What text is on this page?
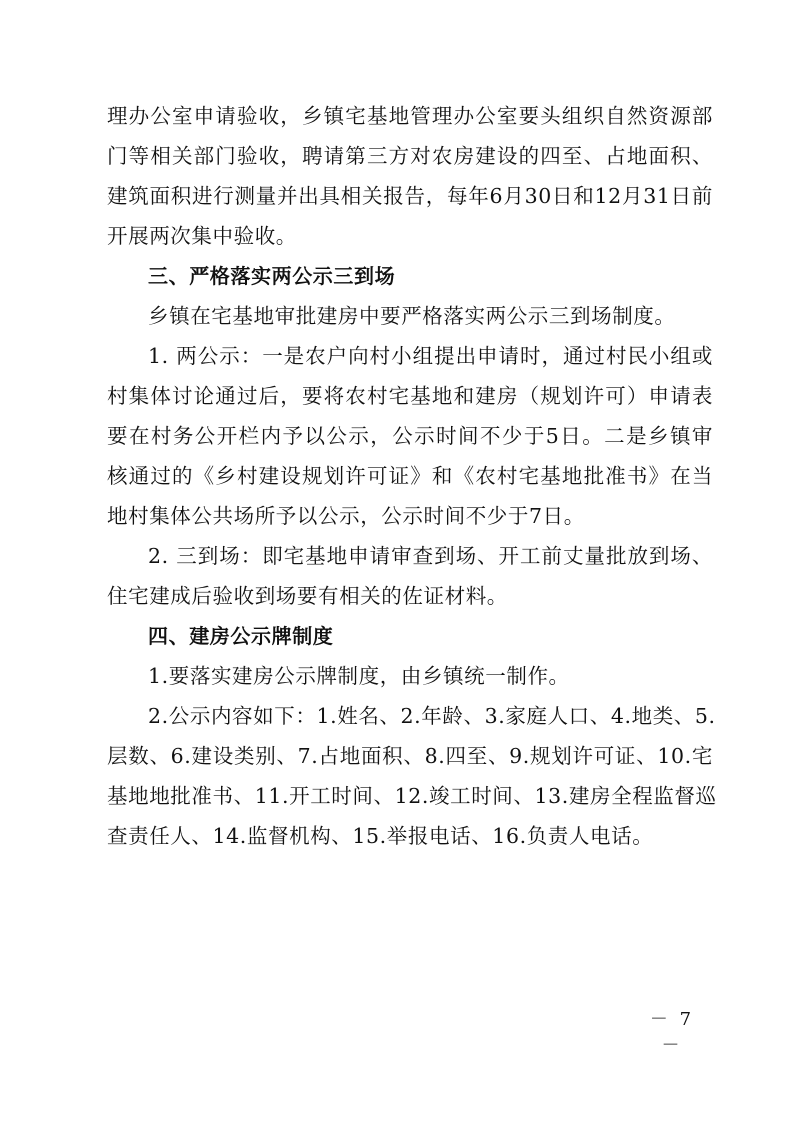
理办公室申请验收，乡镇宅基地管理办公室要头组织自然资源部
门等相关部门验收，聘请第三方对农房建设的四至、占地面积、
建筑面积进行测量并出具相关报告，每年6月30日和12月31日前
开展两次集中验收。
三、严格落实两公示三到场
乡镇在宅基地审批建房中要严格落实两公示三到场制度。
1. 两公示：一是农户向村小组提出申请时，通过村民小组或
村集体讨论通过后，要将农村宅基地和建房（规划许可）申请表
要在村务公开栏内予以公示，公示时间不少于5日。二是乡镇审
核通过的《乡村建设规划许可证》和《农村宅基地批准书》在当
地村集体公共场所予以公示，公示时间不少于7日。
2. 三到场：即宅基地申请审查到场、开工前丈量批放到场、
住宅建成后验收到场要有相关的佐证材料。
四、建房公示牌制度
1.要落实建房公示牌制度，由乡镇统一制作。
2.公示内容如下：1.姓名、2.年龄、3.家庭人口、4.地类、5.
层数、6.建设类别、7.占地面积、8.四至、9.规划许可证、10.宅
基地地批准书、11.开工时间、12.竣工时间、13.建房全程监督巡
查责任人、14.监督机构、15.举报电话、16.负责人电话。
－ 7 －
